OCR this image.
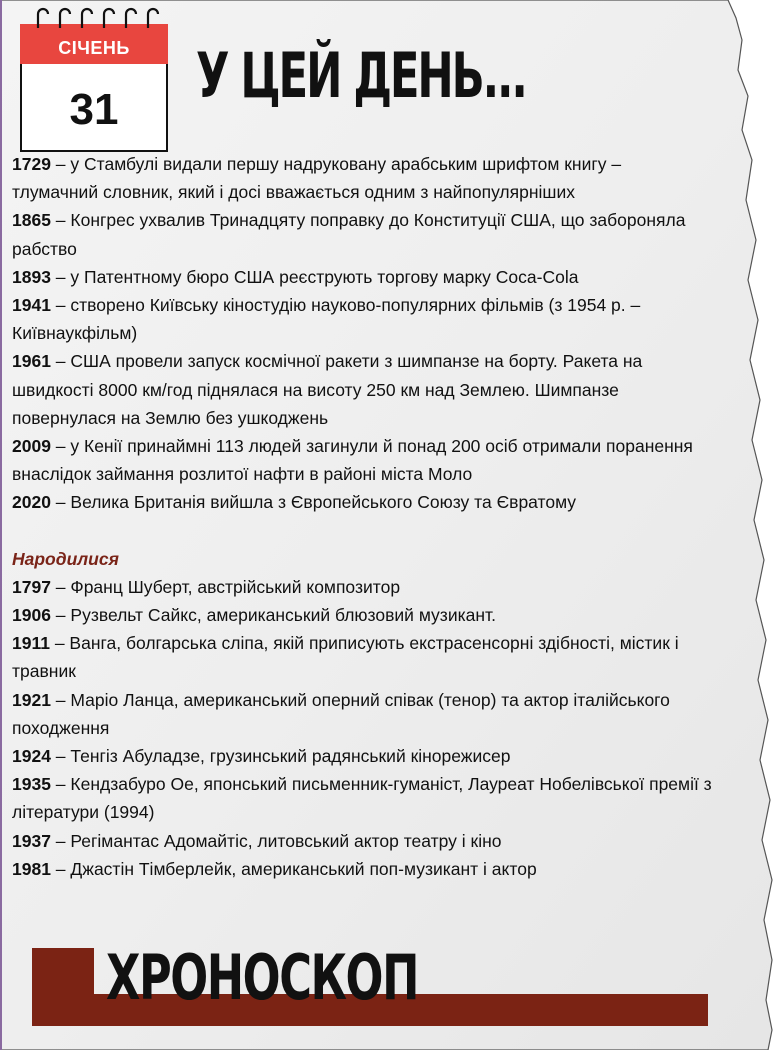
СІЧЕНЬ
31	У ЦЕЙ ДЕНЬ...

1729 – у Стамбулі видали першу надруковану арабським шрифтом книгу – тлумачний словник, який і досі вважається одним з найпопулярніших

1865 – Конгрес ухвалив Тринадцяту поправку до Конституції США, що забороняла рабство

1893 – у Патентному бюро США реєструють торгову марку Coca-Cola

1941 – створено Київську кіностудію науково-популярних фільмів (з 1954 р. – Київнаукфільм)

1961 – США провели запуск космічної ракети з шимпанзе на борту. Ракета на швидкості 8000 км/год піднялася на висоту 250 км над Землею. Шимпанзе повернулася на Землю без ушкоджень

2009 – у Кенії принаймні 113 людей загинули й понад 200 осіб отримали поранення внаслідок займання розлитої нафти в районі міста Моло

2020 – Велика Британія вийшла з Європейського Союзу та Євратому

Народилися

1797 – Франц Шуберт, австрійський композитор

1906 – Рузвельт Сайкс, американський блюзовий музикант.

1911 – Ванга, болгарська сліпа, якій приписують екстрасенсорні здібності, містик і травник

1921 – Маріо Ланца, американський оперний співак (тенор) та актор італійського походження

1924 – Тенгіз Абуладзе, грузинський радянський кінорежисер

1935 – Кендзабуро Ое, японський письменник-гуманіст, Лауреат Нобелівської премії з літератури (1994)

1937 – Регімантас Адомайтіс, литовський актор театру і кіно

1981 – Джастін Тімберлейк, американський поп-музикант і актор

ХРОНОСКОП
